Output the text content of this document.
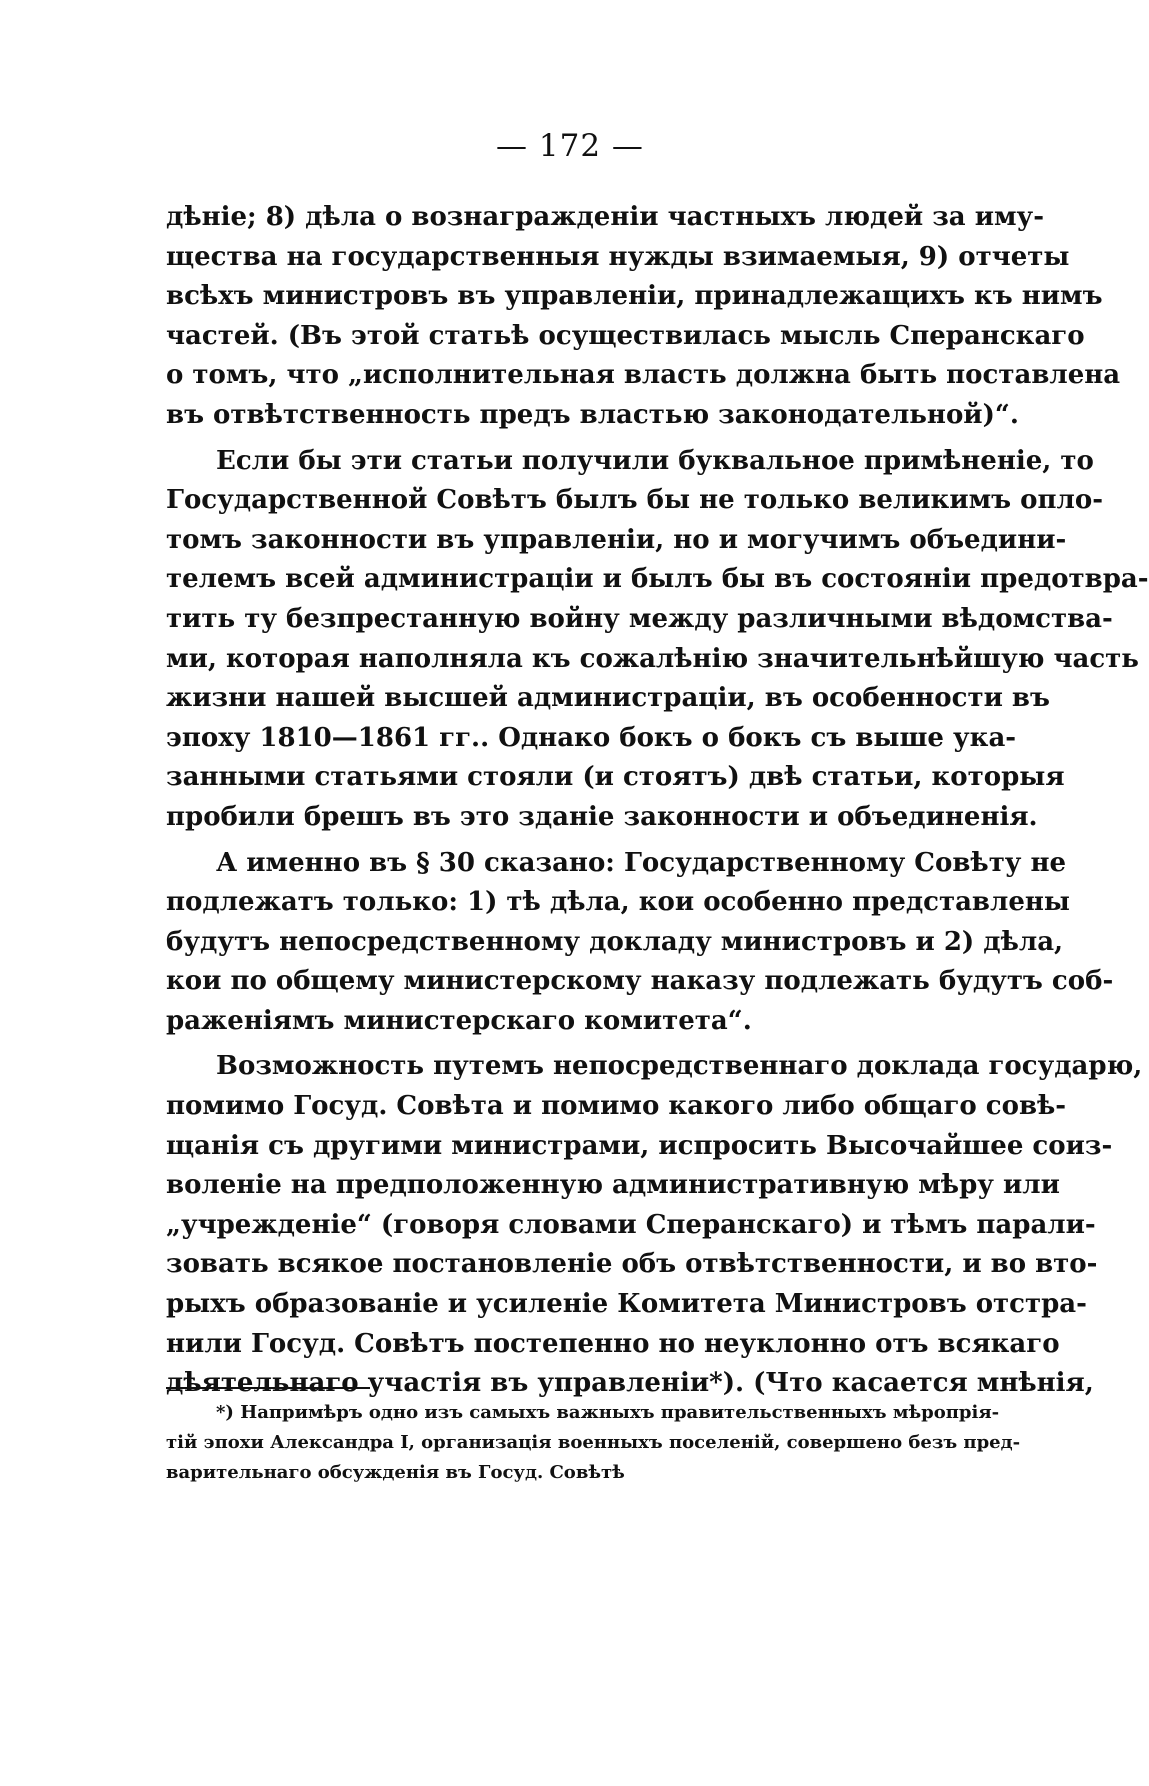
— 172 —
дѣніе; 8) дѣла о вознагражденіи частныхъ людей за иму-
щества на государственныя нужды взимаемыя, 9) отчеты
всѣхъ министровъ въ управленіи, принадлежащихъ къ нимъ
частей. (Въ этой статьѣ осуществилась мысль Сперанскаго
о томъ, что „исполнительная власть должна быть поставлена
въ отвѣтственность предъ властью законодательной)“.
Если бы эти статьи получили буквальное примѣненіе, то
Государственной Совѣтъ былъ бы не только великимъ опло-
томъ законности въ управленіи, но и могучимъ объедини-
телемъ всей администраціи и былъ бы въ состояніи предотвра-
тить ту безпрестанную войну между различными вѣдомства-
ми, которая наполняла къ сожалѣнію значительнѣйшую часть
жизни нашей высшей администраціи, въ особенности въ
эпоху 1810—1861 гг.. Однако бокъ о бокъ съ выше ука-
занными статьями стояли (и стоятъ) двѣ статьи, которыя
пробили брешъ въ это зданіе законности и объединенія.
А именно въ § 30 сказано: Государственному Совѣту не
подлежатъ только: 1) тѣ дѣла, кои особенно представлены
будутъ непосредственному докладу министровъ и 2) дѣла,
кои по общему министерскому наказу подлежать будутъ соб-
раженіямъ министерскаго комитета“.
Возможность путемъ непосредственнаго доклада государю,
помимо Госуд. Совѣта и помимо какого либо общаго совѣ-
щанія съ другими министрами, испросить Высочайшее соиз-
воленіе на предположенную административную мѣру или
„учрежденіе“ (говоря словами Сперанскаго) и тѣмъ парали-
зовать всякое постановленіе объ отвѣтственности, и во вто-
рыхъ образованіе и усиленіе Комитета Министровъ отстра-
нили Госуд. Совѣтъ постепенно но неуклонно отъ всякаго
дѣятельнаго участія въ управленіи*). (Что касается мнѣнія,
*) Напримѣръ одно изъ самыхъ важныхъ правительственныхъ мѣропрія-
тій эпохи Александра I, организація военныхъ поселеній, совершено безъ пред-
варительнаго обсужденія въ Госуд. Совѣтѣ
